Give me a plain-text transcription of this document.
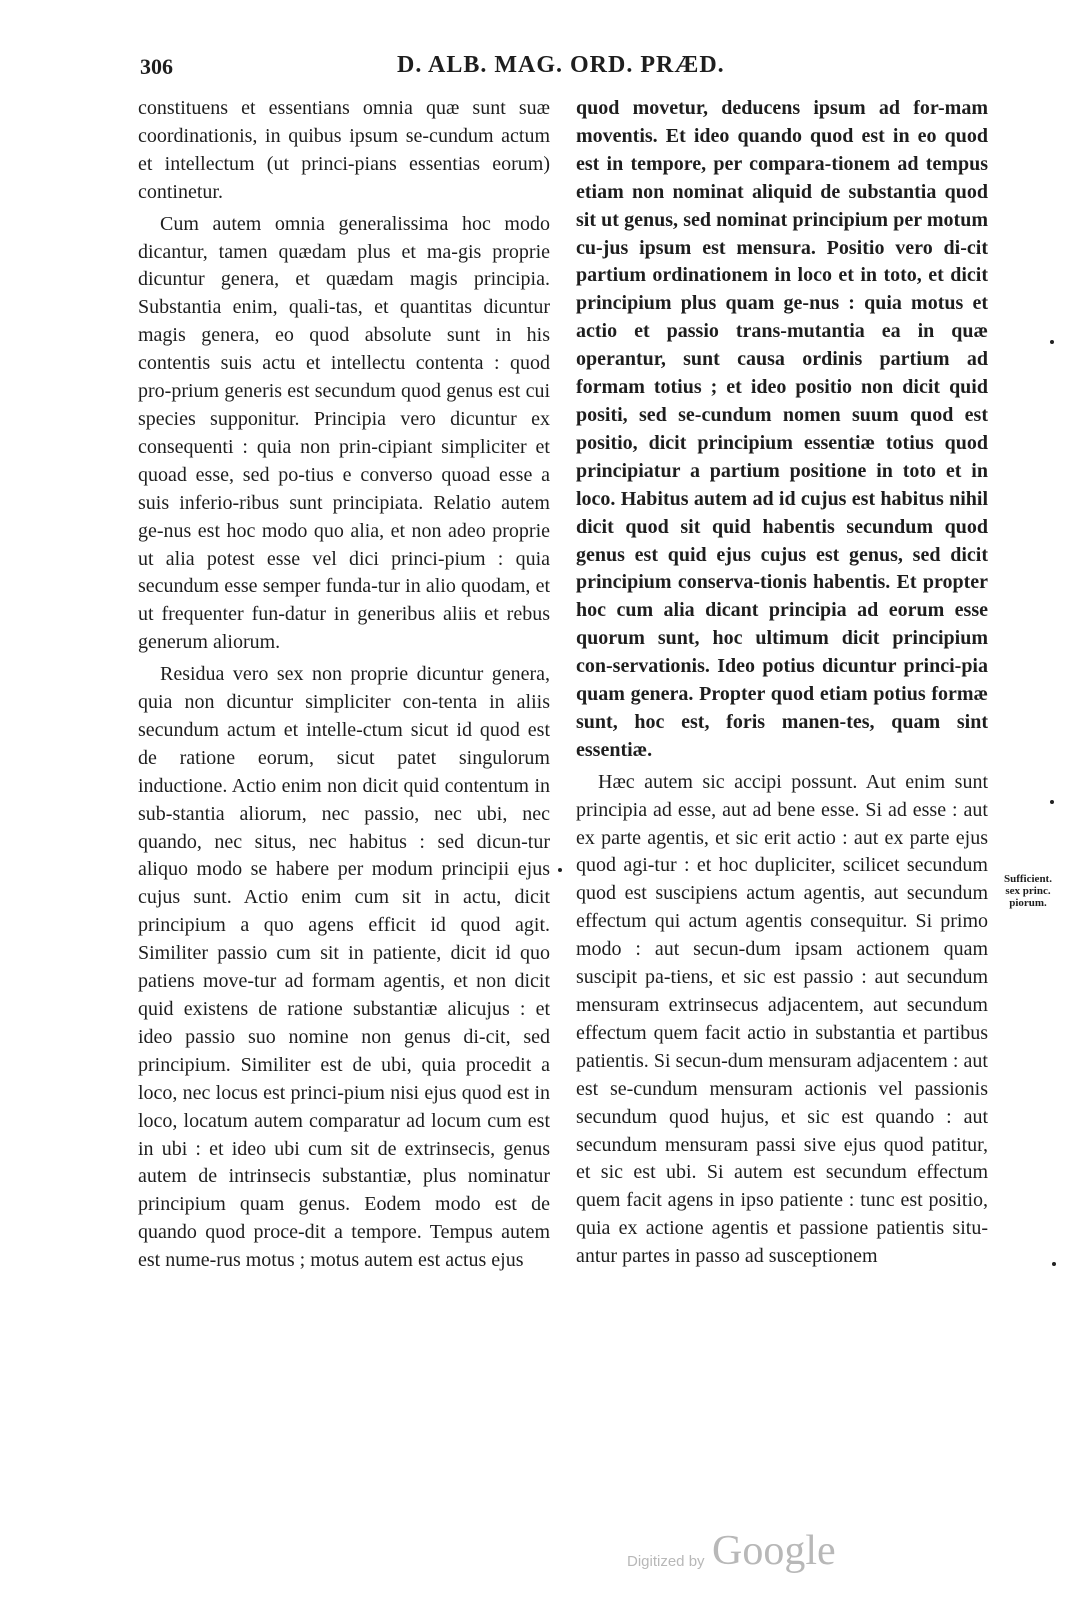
306	D. ALB. MAG. ORD. PRÆD.

constituens et essentians omnia quæ sunt suæ coordinationis, in quibus ipsum se-cundum actum et intellectum (ut princi-pians essentias eorum) continetur.

Cum autem omnia generalissima hoc modo dicantur, tamen quædam plus et ma-gis proprie dicuntur genera, et quædam magis principia. Substantia enim, quali-tas, et quantitas dicuntur magis genera, eo quod absolute sunt in his contentis suis actu et intellectu contenta : quod pro-prium generis est secundum quod genus est cui species supponitur. Principia vero dicuntur ex consequenti : quia non prin-cipiant simpliciter et quoad esse, sed po-tius e converso quoad esse a suis inferio-ribus sunt principiata. Relatio autem ge-nus est hoc modo quo alia, et non adeo proprie ut alia potest esse vel dici princi-pium : quia secundum esse semper funda-tur in alio quodam, et ut frequenter fun-datur in generibus aliis et rebus generum aliorum.

Residua vero sex non proprie dicuntur genera, quia non dicuntur simpliciter con-tenta in aliis secundum actum et intelle-ctum sicut id quod est de ratione eorum, sicut patet singulorum inductione. Actio enim non dicit quid contentum in sub-stantia aliorum, nec passio, nec ubi, nec quando, nec situs, nec habitus : sed dicun-tur aliquo modo se habere per modum principii ejus cujus sunt. Actio enim cum sit in actu, dicit principium a quo agens efficit id quod agit. Similiter passio cum sit in patiente, dicit id quo patiens move-tur ad formam agentis, et non dicit quid existens de ratione substantiæ alicujus : et ideo passio suo nomine non genus di-cit, sed principium. Similiter est de ubi, quia procedit a loco, nec locus est princi-pium nisi ejus quod est in loco, locatum autem comparatur ad locum cum est in ubi : et ideo ubi cum sit de extrinsecis, genus autem de intrinsecis substantiæ, plus nominatur principium quam genus. Eodem modo est de quando quod proce-dit a tempore. Tempus autem est nume-rus motus ; motus autem est actus ejus

quod movetur, deducens ipsum ad for-mam moventis. Et ideo quando quod est in eo quod est in tempore, per compara-tionem ad tempus etiam non nominat aliquid de substantia quod sit ut genus, sed nominat principium per motum cu-jus ipsum est mensura. Positio vero di-cit partium ordinationem in loco et in toto, et dicit principium plus quam ge-nus : quia motus et actio et passio trans-mutantia ea in quæ operantur, sunt causa ordinis partium ad formam totius ; et ideo positio non dicit quid positi, sed se-cundum nomen suum quod est positio, dicit principium essentiæ totius quod principiatur a partium positione in toto et in loco. Habitus autem ad id cujus est habitus nihil dicit quod sit quid habentis secundum quod genus est quid ejus cujus est genus, sed dicit principium conserva-tionis habentis. Et propter hoc cum alia dicant principia ad eorum esse quorum sunt, hoc ultimum dicit principium con-servationis. Ideo potius dicuntur princi-pia quam genera. Propter quod etiam potius formæ sunt, hoc est, foris manen-tes, quam sint essentiæ.

Hæc autem sic accipi possunt. Aut enim sunt principia ad esse, aut ad bene esse. Si ad esse : aut ex parte agentis, et sic erit actio : aut ex parte ejus quod agi-tur : et hoc dupliciter, scilicet secundum quod est suscipiens actum agentis, aut secundum effectum qui actum agentis consequitur. Si primo modo : aut secun-dum ipsam actionem quam suscipit pa-tiens, et sic est passio : aut secundum mensuram extrinsecus adjacentem, aut secundum effectum quem facit actio in substantia et partibus patientis. Si secun-dum mensuram adjacentem : aut est se-cundum mensuram actionis vel passionis secundum quod hujus, et sic est quando : aut secundum mensuram passi sive ejus quod patitur, et sic est ubi. Si autem est secundum effectum quem facit agens in ipso patiente : tunc est positio, quia ex actione agentis et passione patientis situ-antur partes in passo ad susceptionem

Sufficient.
sex princ.
piorum.
Digitized by Google
